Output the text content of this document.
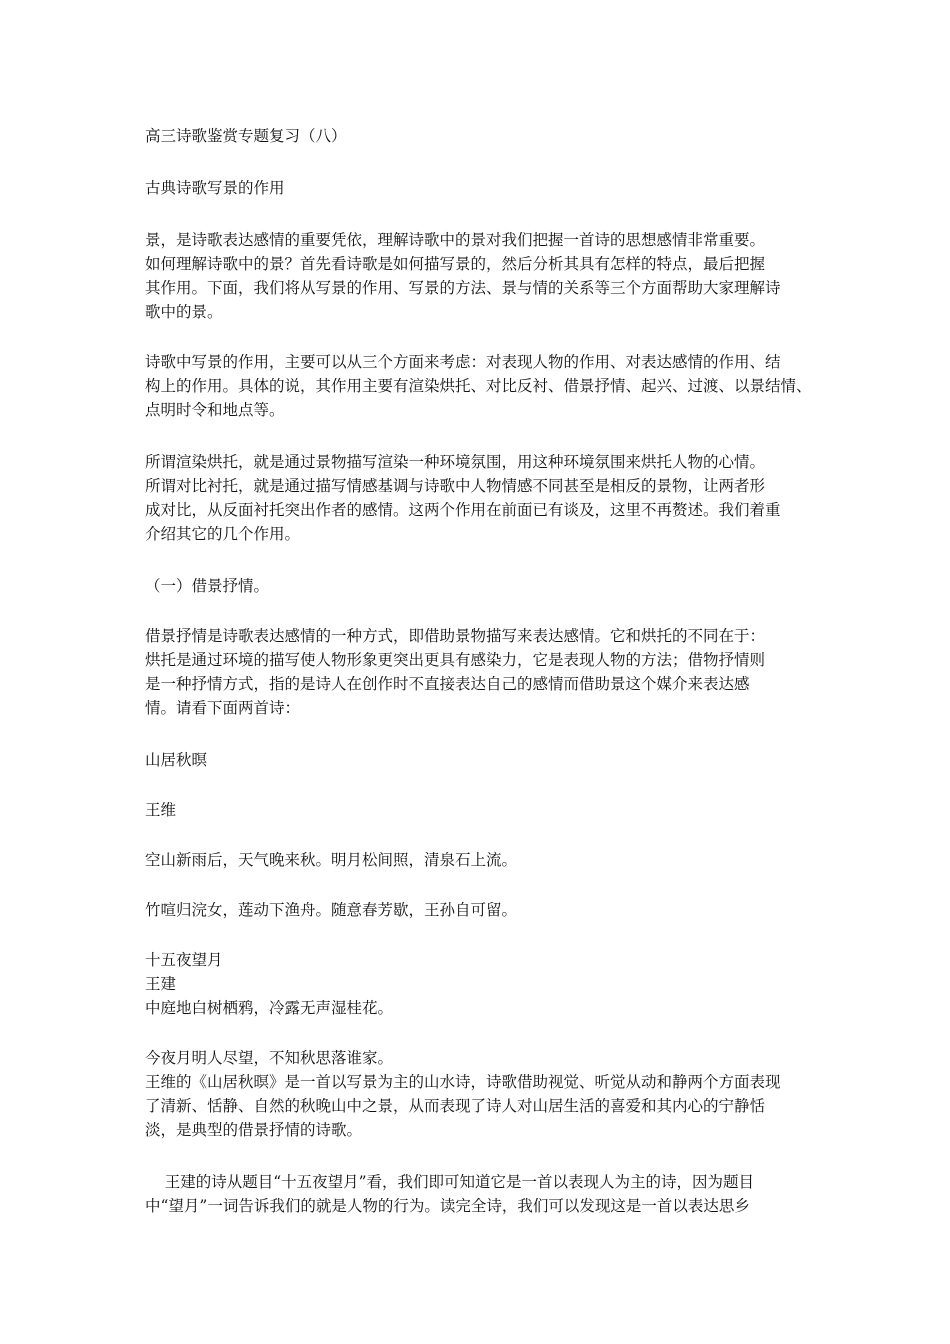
高三诗歌鉴赏专题复习（八）
古典诗歌写景的作用
景，是诗歌表达感情的重要凭依，理解诗歌中的景对我们把握一首诗的思想感情非常重要。
如何理解诗歌中的景？首先看诗歌是如何描写景的，然后分析其具有怎样的特点，最后把握
其作用。下面，我们将从写景的作用、写景的方法、景与情的关系等三个方面帮助大家理解诗
歌中的景。
诗歌中写景的作用，主要可以从三个方面来考虑：对表现人物的作用、对表达感情的作用、结
构上的作用。具体的说，其作用主要有渲染烘托、对比反衬、借景抒情、起兴、过渡、以景结情、
点明时令和地点等。
所谓渲染烘托，就是通过景物描写渲染一种环境氛围，用这种环境氛围来烘托人物的心情。
所谓对比衬托，就是通过描写情感基调与诗歌中人物情感不同甚至是相反的景物，让两者形
成对比，从反面衬托突出作者的感情。这两个作用在前面已有谈及，这里不再赘述。我们着重
介绍其它的几个作用。
（一）借景抒情。
借景抒情是诗歌表达感情的一种方式，即借助景物描写来表达感情。它和烘托的不同在于：
烘托是通过环境的描写使人物形象更突出更具有感染力，它是表现人物的方法；借物抒情则
是一种抒情方式，指的是诗人在创作时不直接表达自己的感情而借助景这个媒介来表达感
情。请看下面两首诗：
山居秋暝
王维
空山新雨后，天气晚来秋。明月松间照，清泉石上流。
竹喧归浣女，莲动下渔舟。随意春芳歇，王孙自可留。
十五夜望月
王建
中庭地白树栖鸦，冷露无声湿桂花。
今夜月明人尽望，不知秋思落谁家。
王维的《山居秋暝》是一首以写景为主的山水诗，诗歌借助视觉、听觉从动和静两个方面表现
了清新、恬静、自然的秋晚山中之景，从而表现了诗人对山居生活的喜爱和其内心的宁静恬
淡，是典型的借景抒情的诗歌。
王建的诗从题目“十五夜望月”看，我们即可知道它是一首以表现人为主的诗，因为题目
中“望月”一词告诉我们的就是人物的行为。读完全诗，我们可以发现这是一首以表达思乡
